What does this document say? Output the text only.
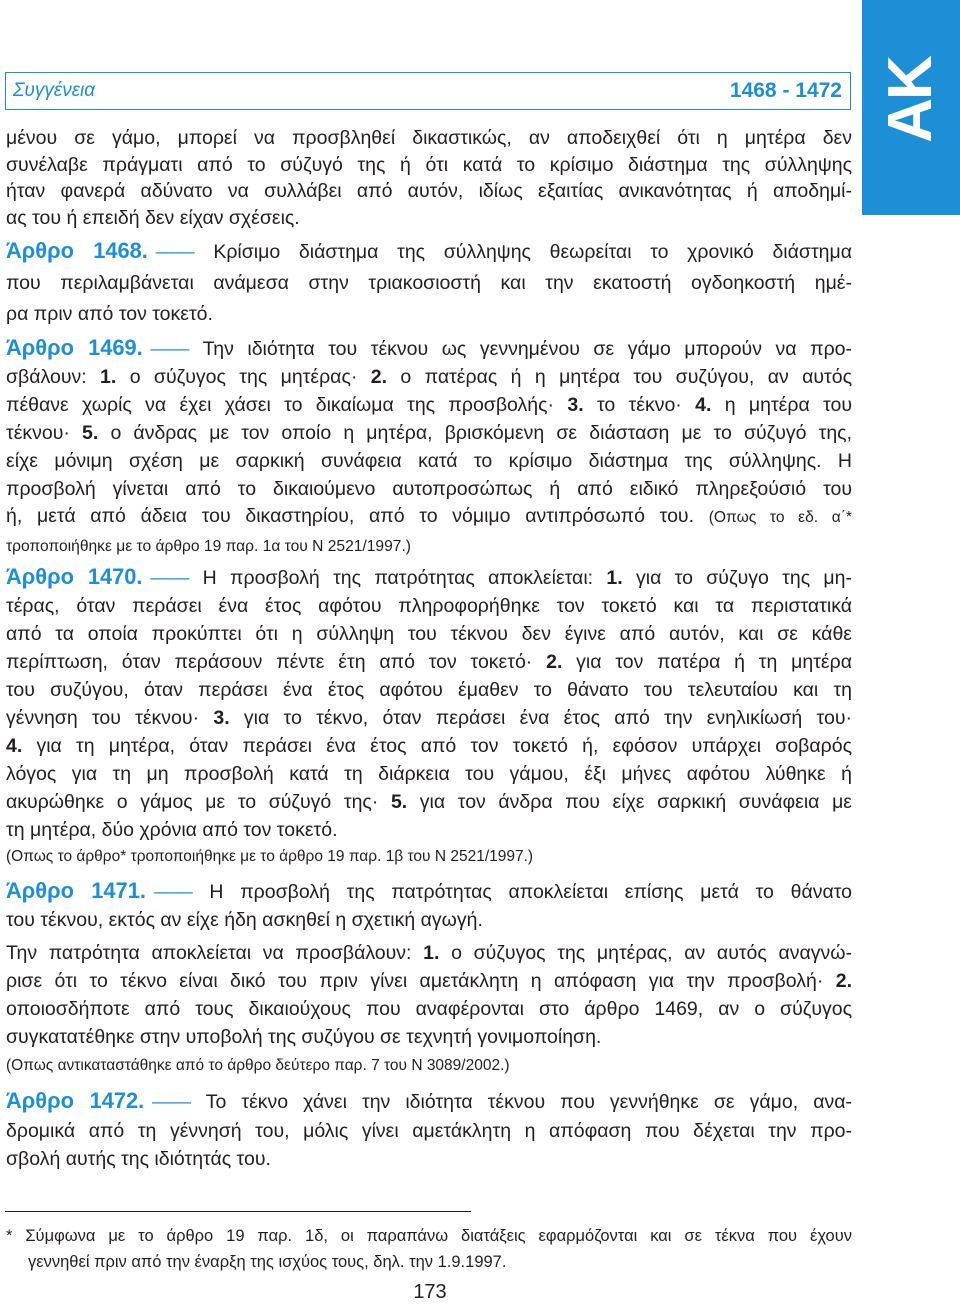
ΑΚ
Συγγένεια	1468 - 1472
μένου σε γάμο, μπορεί να προσβληθεί δικαστικώς, αν αποδειχθεί ότι η μητέρα δεν
συνέλαβε πράγματι από το σύζυγό της ή ότι κατά το κρίσιμο διάστημα της σύλληψης
ήταν φανερά αδύνατο να συλλάβει από αυτόν, ιδίως εξαιτίας ανικανότητας ή αποδημί-
ας του ή επειδή δεν είχαν σχέσεις.
Άρθρο 1468. —— Κρίσιμο διάστημα της σύλληψης θεωρείται το χρονικό διάστημα
που περιλαμβάνεται ανάμεσα στην τριακοσιοστή και την εκατοστή ογδοηκοστή ημέ-
ρα πριν από τον τοκετό.
Άρθρο 1469. —— Την ιδιότητα του τέκνου ως γεννημένου σε γάμο μπορούν να προ-
σβάλουν: 1. ο σύζυγος της μητέρας· 2. ο πατέρας ή η μητέρα του συζύγου, αν αυτός
πέθανε χωρίς να έχει χάσει το δικαίωμα της προσβολής· 3. το τέκνο· 4. η μητέρα του
τέκνου· 5. ο άνδρας με τον οποίο η μητέρα, βρισκόμενη σε διάσταση με το σύζυγό της,
είχε μόνιμη σχέση με σαρκική συνάφεια κατά το κρίσιμο διάστημα της σύλληψης. Η
προσβολή γίνεται από το δικαιούμενο αυτοπροσώπως ή από ειδικό πληρεξούσιό του
ή, μετά από άδεια του δικαστηρίου, από το νόμιμο αντιπρόσωπό του. (Οπως το εδ. α΄*
τροποποιήθηκε με το άρθρο 19 παρ. 1α του Ν 2521/1997.)
Άρθρο 1470. —— Η προσβολή της πατρότητας αποκλείεται: 1. για το σύζυγο της μη-
τέρας, όταν περάσει ένα έτος αφότου πληροφορήθηκε τον τοκετό και τα περιστατικά
από τα οποία προκύπτει ότι η σύλληψη του τέκνου δεν έγινε από αυτόν, και σε κάθε
περίπτωση, όταν περάσουν πέντε έτη από τον τοκετό· 2. για τον πατέρα ή τη μητέρα
του συζύγου, όταν περάσει ένα έτος αφότου έμαθεν το θάνατο του τελευταίου και τη
γέννηση του τέκνου· 3. για το τέκνο, όταν περάσει ένα έτος από την ενηλικίωσή του·
4. για τη μητέρα, όταν περάσει ένα έτος από τον τοκετό ή, εφόσον υπάρχει σοβαρός
λόγος για τη μη προσβολή κατά τη διάρκεια του γάμου, έξι μήνες αφότου λύθηκε ή
ακυρώθηκε ο γάμος με το σύζυγό της· 5. για τον άνδρα που είχε σαρκική συνάφεια με
τη μητέρα, δύο χρόνια από τον τοκετό.
(Οπως το άρθρο* τροποποιήθηκε με το άρθρο 19 παρ. 1β του Ν 2521/1997.)
Άρθρο 1471. —— Η προσβολή της πατρότητας αποκλείεται επίσης μετά το θάνατο
του τέκνου, εκτός αν είχε ήδη ασκηθεί η σχετική αγωγή.
Την πατρότητα αποκλείεται να προσβάλουν: 1. ο σύζυγος της μητέρας, αν αυτός αναγνώ-
ρισε ότι το τέκνο είναι δικό του πριν γίνει αμετάκλητη η απόφαση για την προσβολή· 2.
οποιοσδήποτε από τους δικαιούχους που αναφέρονται στο άρθρο 1469, αν ο σύζυγος
συγκατατέθηκε στην υποβολή της συζύγου σε τεχνητή γονιμοποίηση.
(Οπως αντικαταστάθηκε από το άρθρο δεύτερο παρ. 7 του Ν 3089/2002.)
Άρθρο 1472. —— Το τέκνο χάνει την ιδιότητα τέκνου που γεννήθηκε σε γάμο, ανα-
δρομικά από τη γέννησή του, μόλις γίνει αμετάκλητη η απόφαση που δέχεται την προ-
σβολή αυτής της ιδιότητάς του.
* Σύμφωνα με το άρθρο 19 παρ. 1δ, οι παραπάνω διατάξεις εφαρμόζονται και σε τέκνα που έχουν
γεννηθεί πριν από την έναρξη της ισχύος τους, δηλ. την 1.9.1997.
173
